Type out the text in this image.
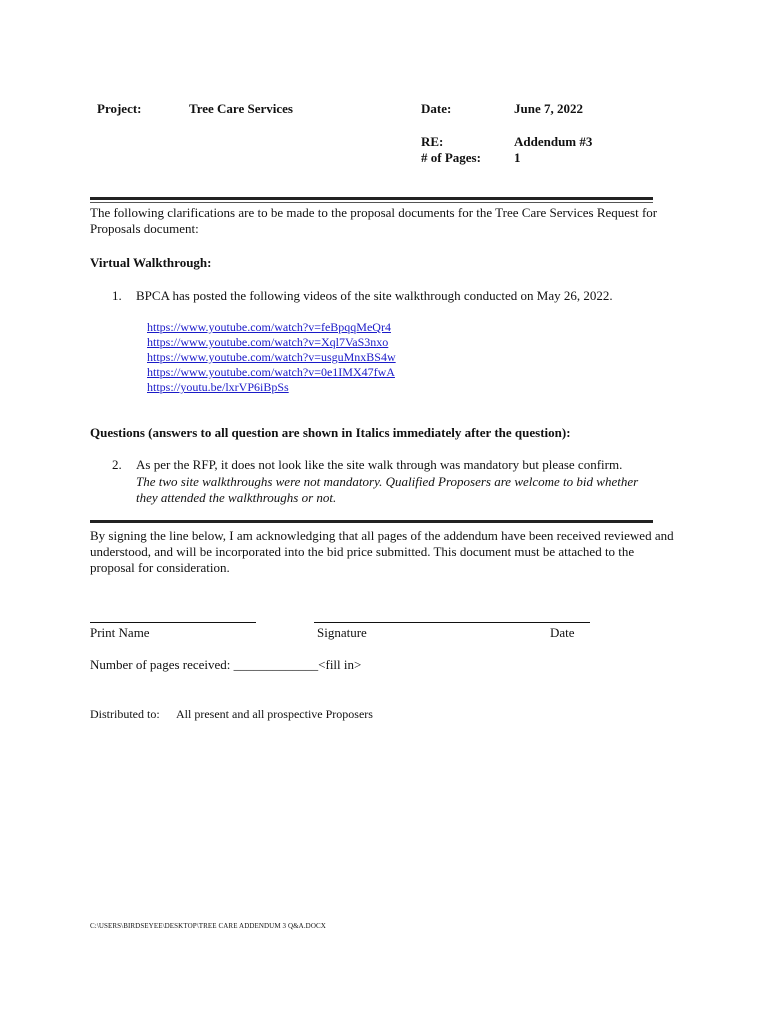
Project:	Tree Care Services	Date:	June 7, 2022
RE:	Addendum #3
# of Pages:	1
The following clarifications are to be made to the proposal documents for the Tree Care Services Request for Proposals document:
Virtual Walkthrough:
1. BPCA has posted the following videos of the site walkthrough conducted on May 26, 2022.
https://www.youtube.com/watch?v=feBpqqMeQr4
https://www.youtube.com/watch?v=Xql7VaS3nxo
https://www.youtube.com/watch?v=usguMnxBS4w
https://www.youtube.com/watch?v=0e1IMX47fwA
https://youtu.be/lxrVP6iBpSs
Questions (answers to all question are shown in Italics immediately after the question):
2. As per the RFP, it does not look like the site walk through was mandatory but please confirm.
The two site walkthroughs were not mandatory. Qualified Proposers are welcome to bid whether
they attended the walkthroughs or not.
By signing the line below, I am acknowledging that all pages of the addendum have been received reviewed and understood, and will be incorporated into the bid price submitted. This document must be attached to the proposal for consideration.
Print Name	Signature	Date
Number of pages received: _____________<fill in>
Distributed to: All present and all prospective Proposers
C:\USERS\BIRDSEYEE\DESKTOP\TREE CARE ADDENDUM 3 Q&A.DOCX
